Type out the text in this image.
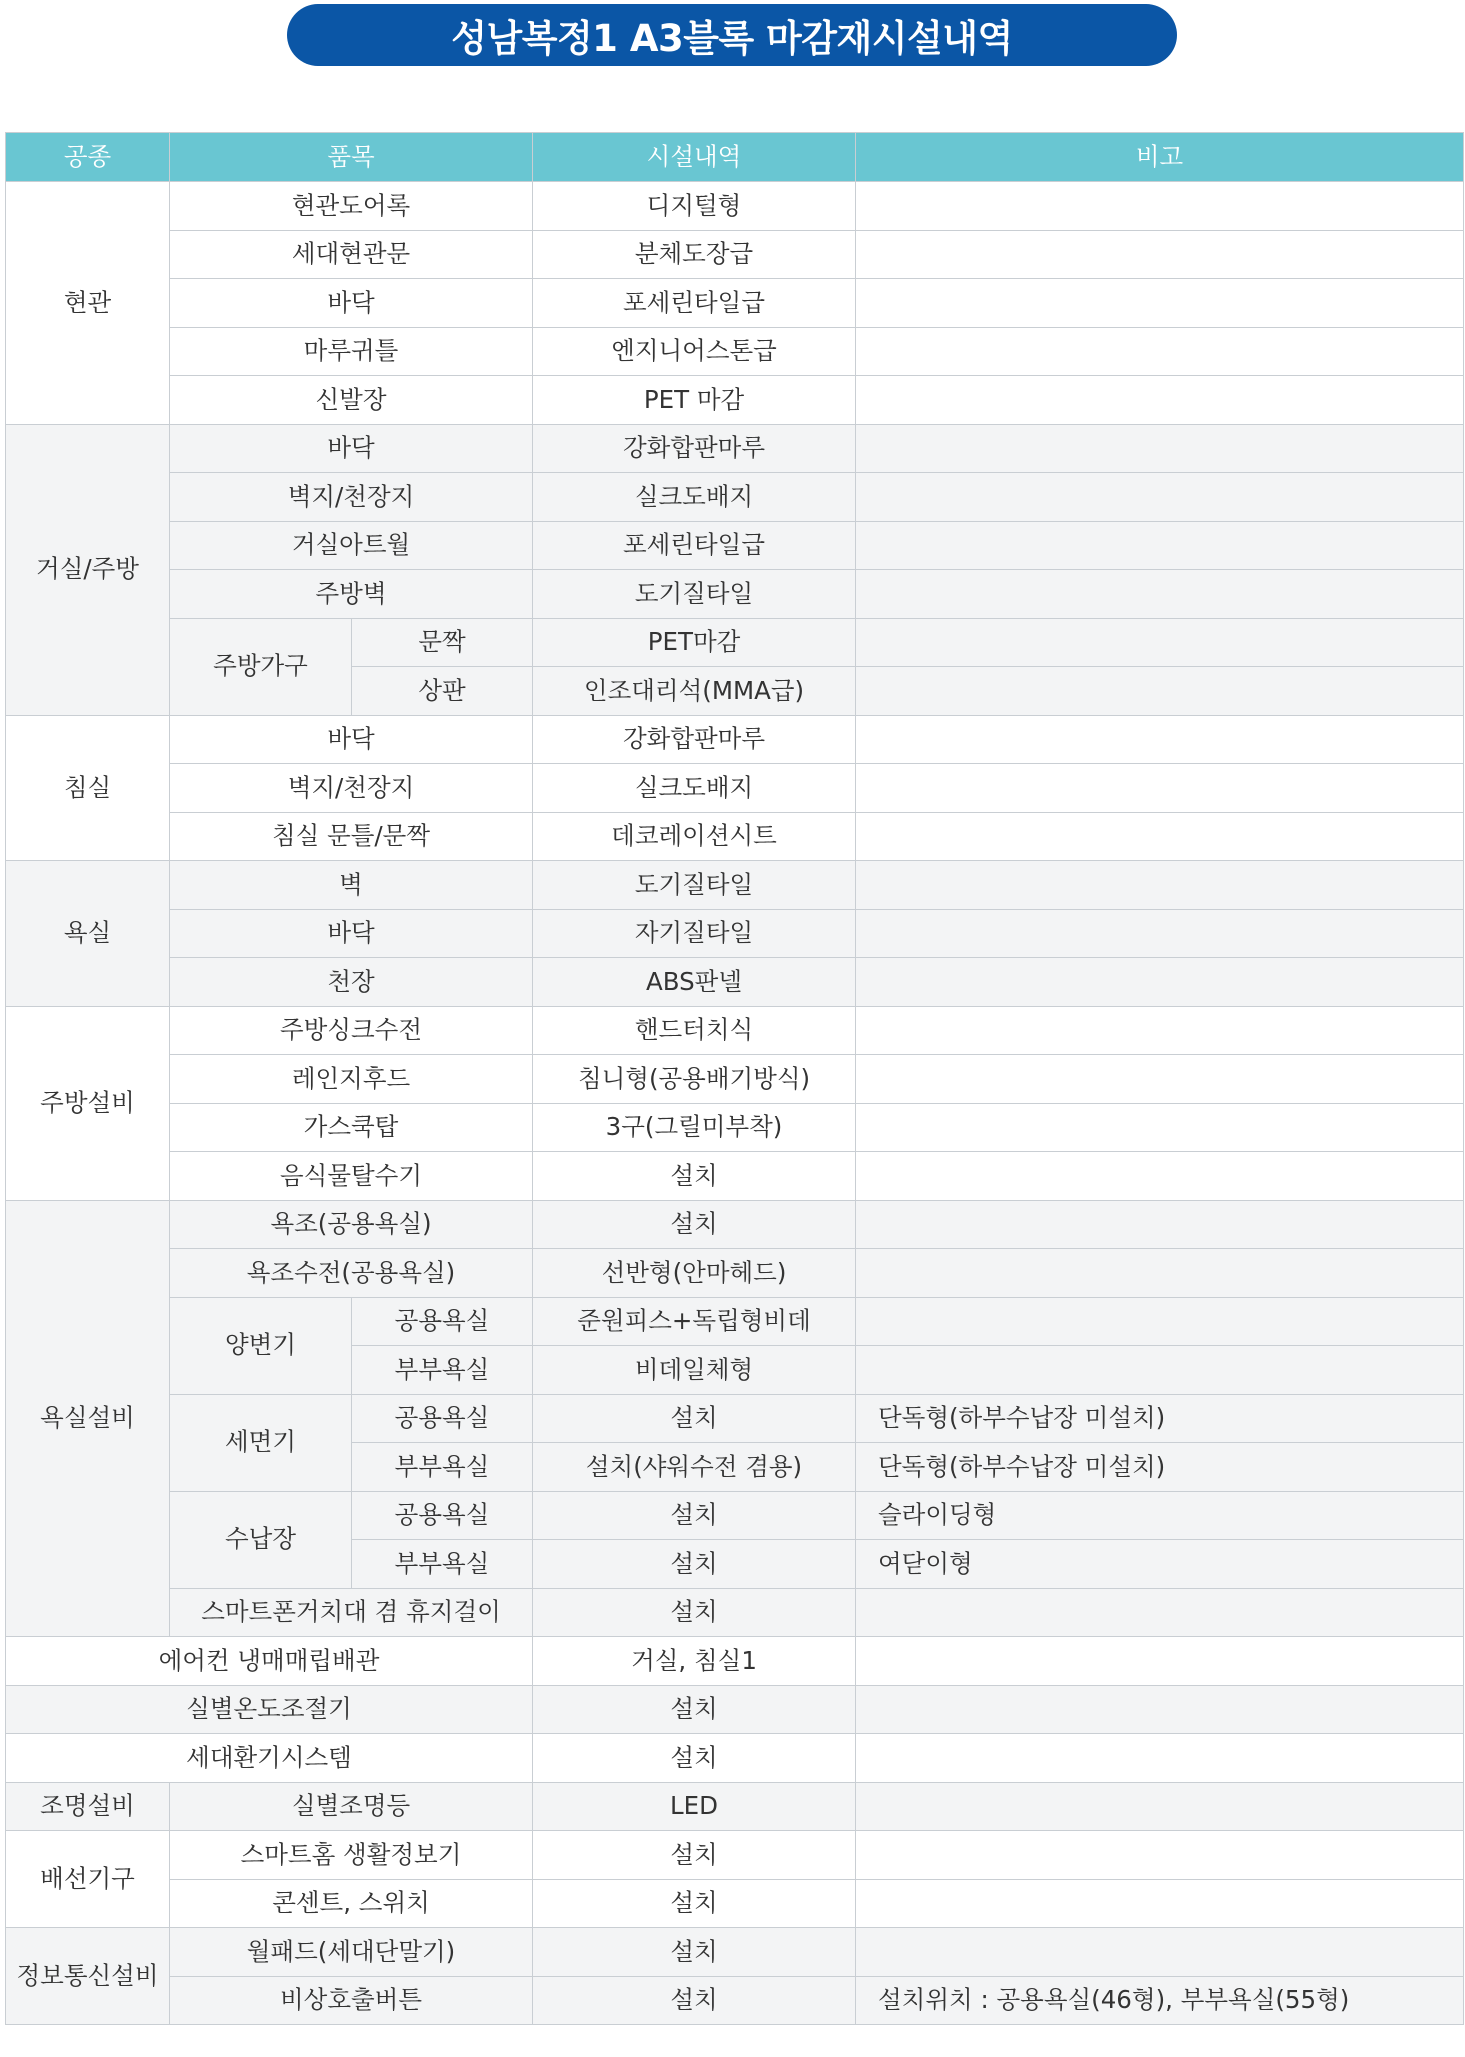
성남복정1 A3블록 마감재시설내역
공종	품목		시설내역	비고
현관	현관도어록		디지털형	
	세대현관문		분체도장급	
	바닥		포세린타일급	
	마루귀틀		엔지니어스톤급	
	신발장		PET 마감	
거실/주방	바닥		강화합판마루	
	벽지/천장지		실크도배지	
	거실아트월		포세린타일급	
	주방벽		도기질타일	
	주방가구	문짝	PET마감	
		상판	인조대리석(MMA급)	
침실	바닥		강화합판마루	
	벽지/천장지		실크도배지	
	침실 문틀/문짝		데코레이션시트	
욕실	벽		도기질타일	
	바닥		자기질타일	
	천장		ABS판넬	
주방설비	주방싱크수전		핸드터치식	
	레인지후드		침니형(공용배기방식)	
	가스쿡탑		3구(그릴미부착)	
	음식물탈수기		설치	
욕실설비	욕조(공용욕실)		설치	
	욕조수전(공용욕실)		선반형(안마헤드)	
	양변기	공용욕실	준원피스+독립형비데	
		부부욕실	비데일체형	
	세면기	공용욕실	설치	단독형(하부수납장 미설치)
		부부욕실	설치(샤워수전 겸용)	단독형(하부수납장 미설치)
	수납장	공용욕실	설치	슬라이딩형
		부부욕실	설치	여닫이형
	스마트폰거치대 겸 휴지걸이		설치	
에어컨 냉매매립배관			거실, 침실1	
실별온도조절기			설치	
세대환기시스템			설치	
조명설비	실별조명등		LED	
배선기구	스마트홈 생활정보기		설치	
	콘센트, 스위치		설치	
정보통신설비	월패드(세대단말기)		설치	
	비상호출버튼		설치	설치위치 : 공용욕실(46형), 부부욕실(55형)
